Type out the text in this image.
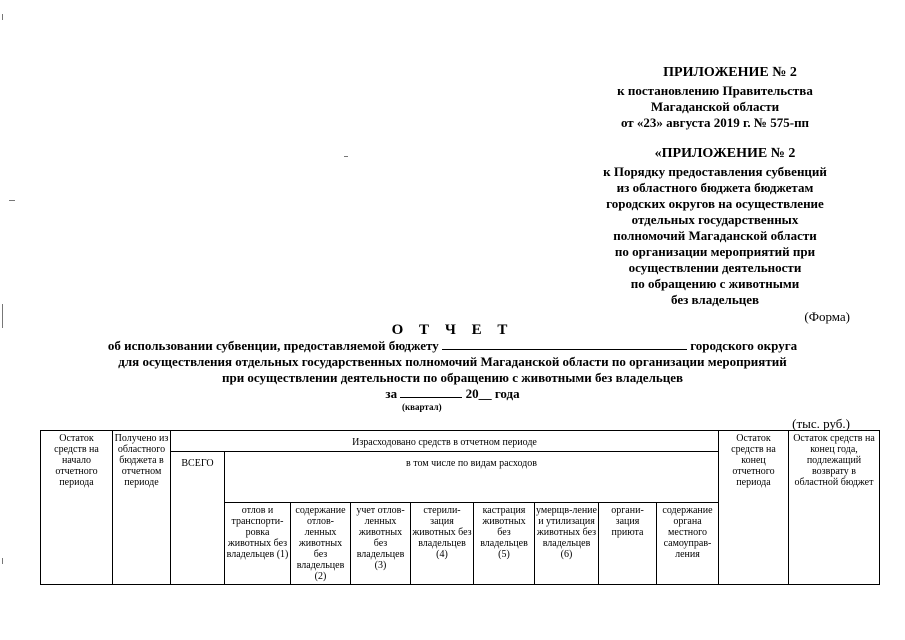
ПРИЛОЖЕНИЕ № 2
к постановлению Правительства
Магаданской области
от «23» августа 2019 г. № 575-пп
«ПРИЛОЖЕНИЕ № 2
к Порядку предоставления субвенций
из областного бюджета бюджетам
городских округов на осуществление
отдельных государственных
полномочий Магаданской области
по организации мероприятий при
осуществлении деятельности
по обращению с животными
без владельцев
(Форма)
О Т Ч Е Т
об использовании субвенции, предоставляемой бюджету	городского округа
для осуществления отдельных государственных полномочий Магаданской области по организации мероприятий
при осуществлении деятельности по обращению с животными без владельцев
за	20__ года
(квартал)
(тыс. руб.)
Остаток средств на начало отчетного периода	Получено из областного бюджета в отчетном периоде	Израсходовано средств в отчетном периоде									Остаток средств на конец отчетного периода	Остаток средств на конец года, подлежащий возврату в областной бюджет
		ВСЕГО	в том числе по видам расходов									
			отлов и транспорти-ровка животных без владельцев (1)	содержание отлов-ленных животных без владельцев (2)	учет отлов-ленных животных без владельцев (3)	стерили-зация животных без владельцев (4)	кастрация животных без владельцев (5)	умерщв-ление и утилизация животных без владельцев (6)	органи-зация приюта	содержание органа местного самоуправ-ления		
